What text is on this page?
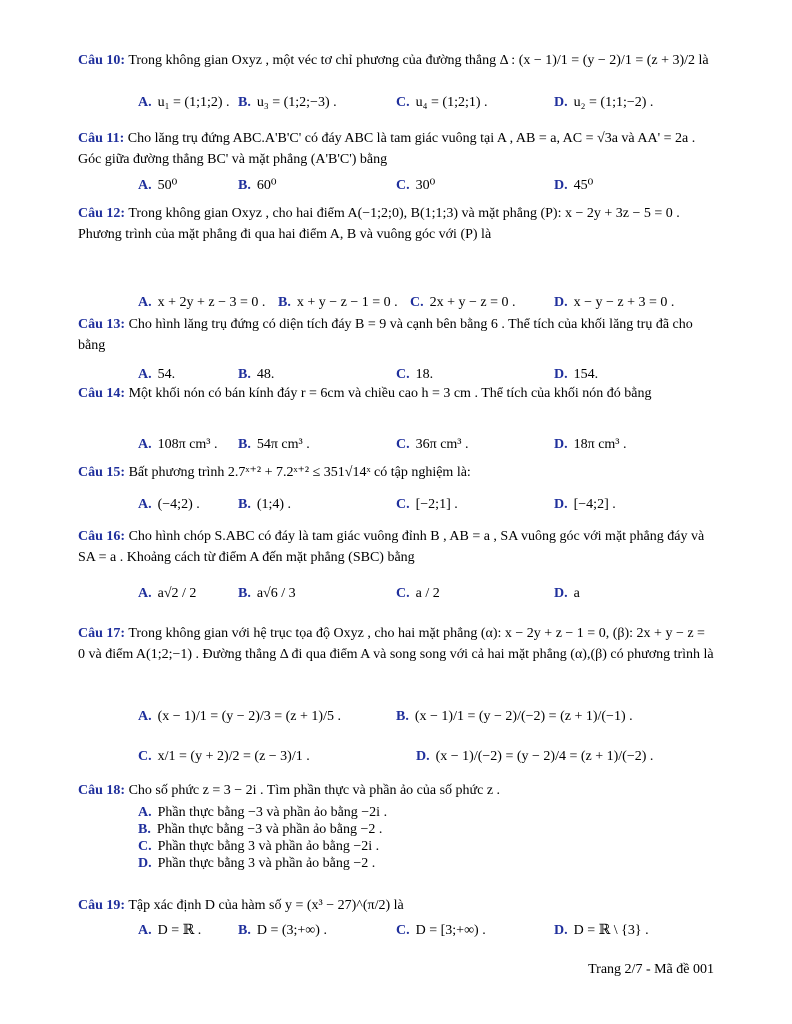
Câu 10: Trong không gian Oxyz , một véc tơ chỉ phương của đường thẳng Δ : (x − 1)/1 = (y − 2)/1 = (z + 3)/2 là
A. u₁ = (1;1;2) . B. u₃ = (1;2;−3) .	C. u₄ = (1;2;1) .	D. u₂ = (1;1;−2) .
Câu 11: Cho lăng trụ đứng ABC.A'B'C' có đáy ABC là tam giác vuông tại A , AB = a, AC = √3a và AA' = 2a . Góc giữa đường thẳng BC' và mặt phẳng (A'B'C') bằng
A. 50⁰	B. 60⁰	C. 30⁰	D. 45⁰
Câu 12: Trong không gian Oxyz , cho hai điểm A(−1;2;0), B(1;1;3) và mặt phẳng (P): x − 2y + 3z − 5 = 0 . Phương trình của mặt phẳng đi qua hai điểm A, B và vuông góc với (P) là
A. x + 2y + z − 3 = 0 . B. x + y − z − 1 = 0 . C. 2x + y − z = 0 .	D. x − y − z + 3 = 0 .
Câu 13: Cho hình lăng trụ đứng có diện tích đáy B = 9 và cạnh bên bằng 6 . Thể tích của khối lăng trụ đã cho bằng
A. 54.	B. 48.	C. 18.	D. 154.
Câu 14: Một khối nón có bán kính đáy r = 6cm và chiều cao h = 3 cm . Thể tích của khối nón đó bằng
A. 108π cm³ . B. 54π cm³ .	C. 36π cm³ .	D. 18π cm³ .
Câu 15: Bất phương trình 2.7ˣ⁺² + 7.2ˣ⁺² ≤ 351√14ˣ có tập nghiệm là:
A. (−4;2) .	B. (1;4) .	C. [−2;1] .	D. [−4;2] .
Câu 16: Cho hình chóp S.ABC có đáy là tam giác vuông đỉnh B , AB = a , SA vuông góc với mặt phẳng đáy và SA = a . Khoảng cách từ điểm A đến mặt phẳng (SBC) bằng
A. a√2 / 2	B. a√6 / 3	C. a / 2	D. a
Câu 17: Trong không gian với hệ trục tọa độ Oxyz , cho hai mặt phẳng (α): x − 2y + z − 1 = 0, (β): 2x + y − z = 0 và điểm A(1;2;−1) . Đường thẳng Δ đi qua điểm A và song song với cả hai mặt phẳng (α),(β) có phương trình là
A. (x − 1)/1 = (y − 2)/3 = (z + 1)/5 .	B. (x − 1)/1 = (y − 2)/(−2) = (z + 1)/(−1) .
C. x/1 = (y + 2)/2 = (z − 3)/1 .	D. (x − 1)/(−2) = (y − 2)/4 = (z + 1)/(−2) .
Câu 18: Cho số phức z = 3 − 2i . Tìm phần thực và phần ảo của số phức z .
A. Phần thực bằng −3 và phần ảo bằng −2i .
B. Phần thực bằng −3 và phần ảo bằng −2 .
C. Phần thực bằng 3 và phần ảo bằng −2i .
D. Phần thực bằng 3 và phần ảo bằng −2 .
Câu 19: Tập xác định D của hàm số y = (x³ − 27)^(π/2) là
A. D = ℝ .	B. D = (3;+∞) .	C. D = [3;+∞) .	D. D = ℝ \ {3} .
Trang 2/7 - Mã đề 001
